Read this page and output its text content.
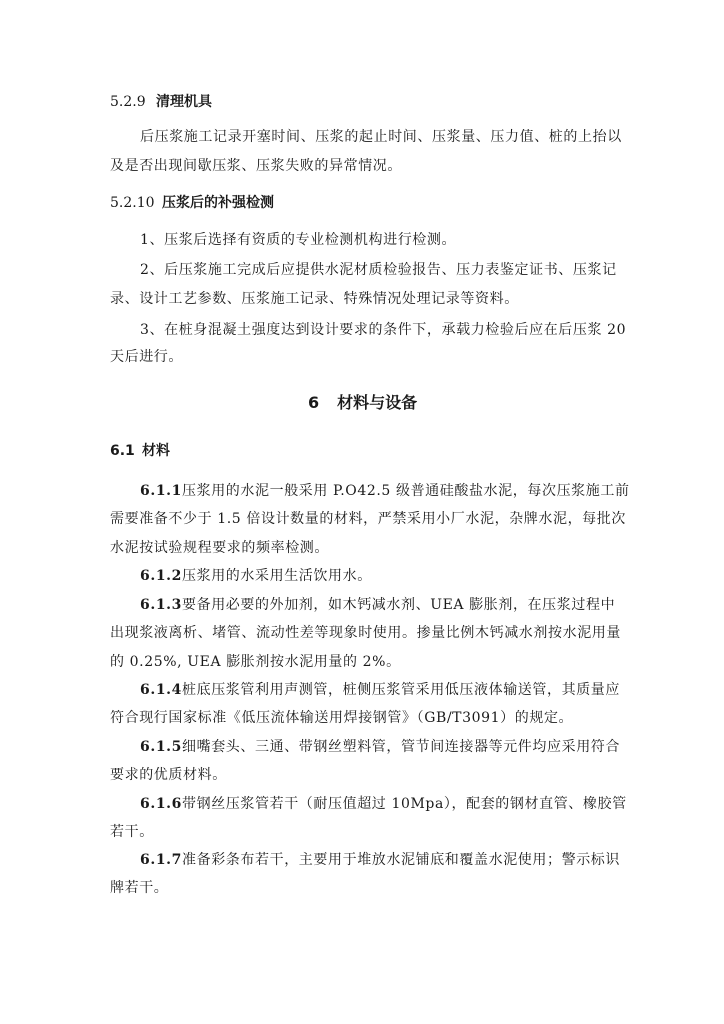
5.2.9 清理机具
后压浆施工记录开塞时间、压浆的起止时间、压浆量、压力值、桩的上抬以
及是否出现间歇压浆、压浆失败的异常情况。
5.2.10 压浆后的补强检测
1、压浆后选择有资质的专业检测机构进行检测。
2、后压浆施工完成后应提供水泥材质检验报告、压力表鉴定证书、压浆记
录、设计工艺参数、压浆施工记录、特殊情况处理记录等资料。
3、在桩身混凝土强度达到设计要求的条件下，承载力检验后应在后压浆 20
天后进行。
6 材料与设备
6.1 材料
6.1.1压浆用的水泥一般采用 P.O42.5 级普通硅酸盐水泥，每次压浆施工前
需要准备不少于 1.5 倍设计数量的材料，严禁采用小厂水泥，杂牌水泥，每批次
水泥按试验规程要求的频率检测。
6.1.2压浆用的水采用生活饮用水。
6.1.3要备用必要的外加剂，如木钙减水剂、UEA 膨胀剂，在压浆过程中
出现浆液离析、堵管、流动性差等现象时使用。掺量比例木钙减水剂按水泥用量
的 0.25%, UEA 膨胀剂按水泥用量的 2%。
6.1.4桩底压浆管利用声测管，桩侧压浆管采用低压液体输送管，其质量应
符合现行国家标准《低压流体输送用焊接钢管》（GB/T3091）的规定。
6.1.5细嘴套头、三通、带钢丝塑料管，管节间连接器等元件均应采用符合
要求的优质材料。
6.1.6带钢丝压浆管若干（耐压值超过 10Mpa），配套的钢材直管、橡胶管
若干。
6.1.7准备彩条布若干，主要用于堆放水泥铺底和覆盖水泥使用；警示标识
牌若干。
